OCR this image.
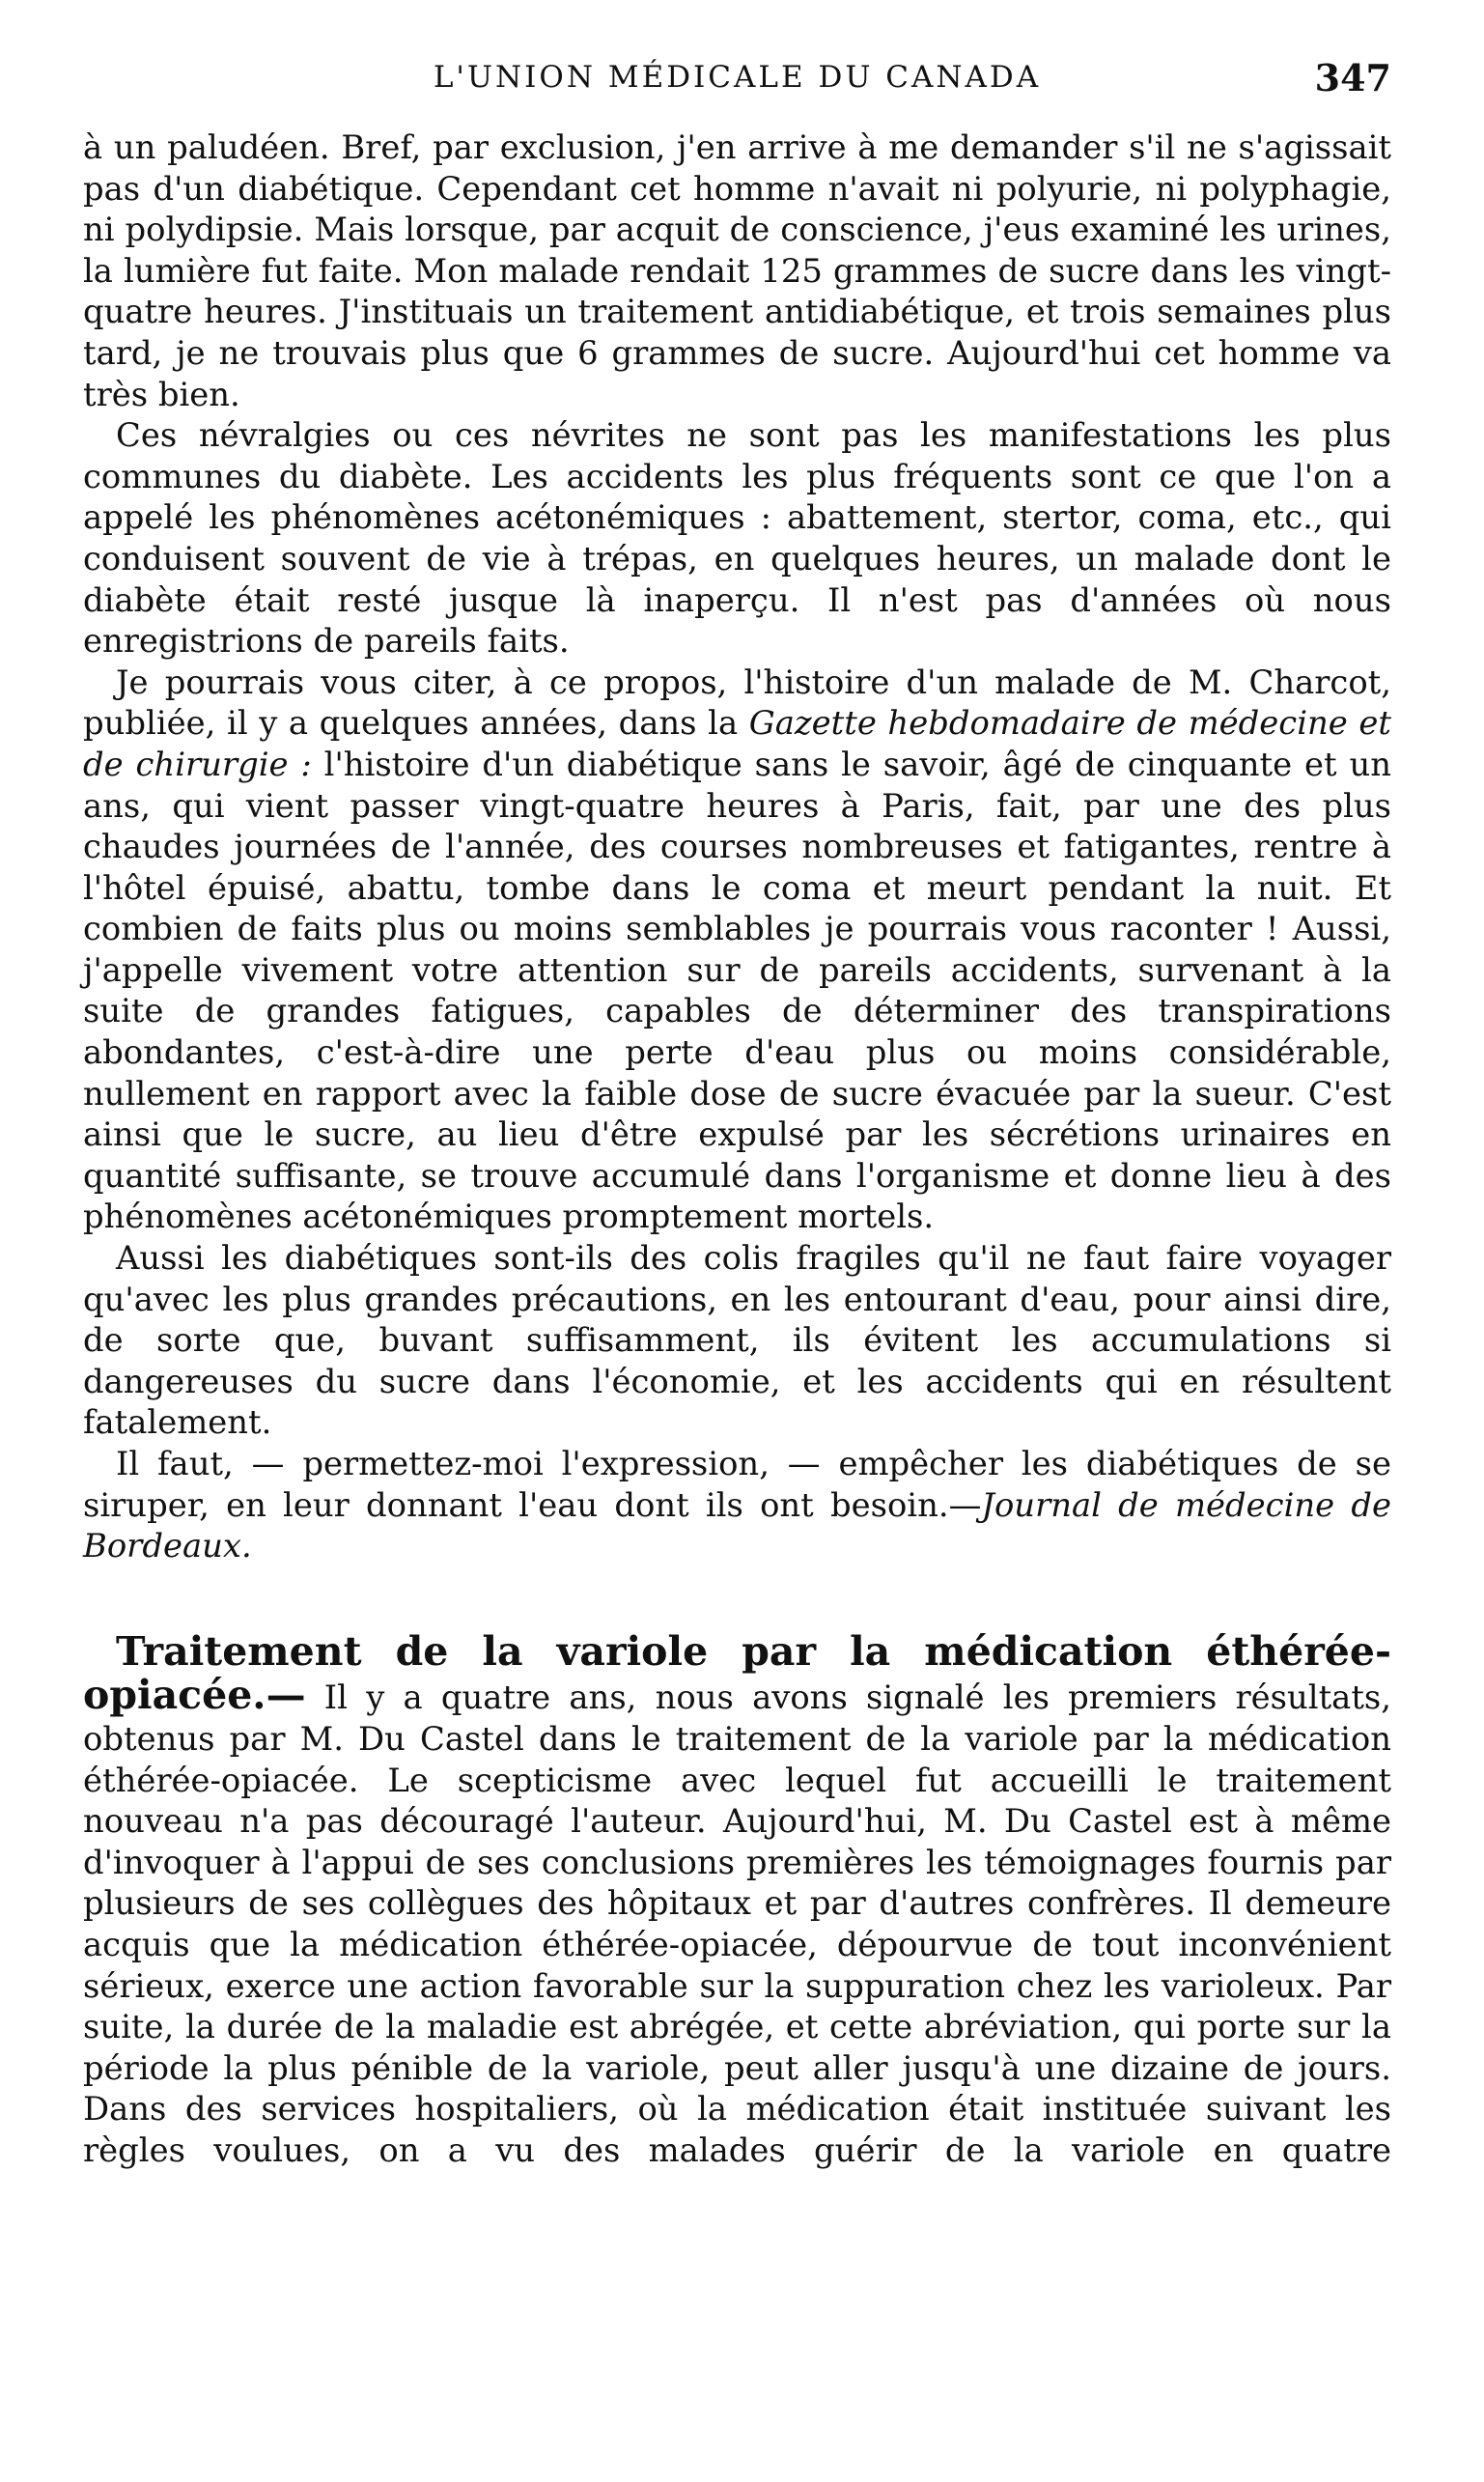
L'UNION MÉDICALE DU CANADA	347

à un paludéen. Bref, par exclusion, j'en arrive à me demander s'il ne s'agissait pas d'un diabétique. Cependant cet homme n'avait ni polyurie, ni polyphagie, ni polydipsie. Mais lorsque, par acquit de conscience, j'eus examiné les urines, la lumière fut faite. Mon malade rendait 125 grammes de sucre dans les vingt-quatre heures. J'instituais un traitement antidiabétique, et trois semaines plus tard, je ne trouvais plus que 6 grammes de sucre. Aujourd'hui cet homme va très bien.

Ces névralgies ou ces névrites ne sont pas les manifestations les plus communes du diabète. Les accidents les plus fréquents sont ce que l'on a appelé les phénomènes acétonémiques : abattement, stertor, coma, etc., qui conduisent souvent de vie à trépas, en quelques heures, un malade dont le diabète était resté jusque là inaperçu. Il n'est pas d'années où nous enregistrions de pareils faits.

Je pourrais vous citer, à ce propos, l'histoire d'un malade de M. Charcot, publiée, il y a quelques années, dans la Gazette hebdomadaire de médecine et de chirurgie : l'histoire d'un diabétique sans le savoir, âgé de cinquante et un ans, qui vient passer vingt-quatre heures à Paris, fait, par une des plus chaudes journées de l'année, des courses nombreuses et fatigantes, rentre à l'hôtel épuisé, abattu, tombe dans le coma et meurt pendant la nuit. Et combien de faits plus ou moins semblables je pourrais vous raconter ! Aussi, j'appelle vivement votre attention sur de pareils accidents, survenant à la suite de grandes fatigues, capables de déterminer des transpirations abondantes, c'est-à-dire une perte d'eau plus ou moins considérable, nullement en rapport avec la faible dose de sucre évacuée par la sueur. C'est ainsi que le sucre, au lieu d'être expulsé par les sécrétions urinaires en quantité suffisante, se trouve accumulé dans l'organisme et donne lieu à des phénomènes acétonémiques promptement mortels.

Aussi les diabétiques sont-ils des colis fragiles qu'il ne faut faire voyager qu'avec les plus grandes précautions, en les entourant d'eau, pour ainsi dire, de sorte que, buvant suffisamment, ils évitent les accumulations si dangereuses du sucre dans l'économie, et les accidents qui en résultent fatalement.

Il faut, — permettez-moi l'expression, — empêcher les diabétiques de se siruper, en leur donnant l'eau dont ils ont besoin.—Journal de médecine de Bordeaux.

Traitement de la variole par la médication éthérée-opiacée.— Il y a quatre ans, nous avons signalé les premiers résultats, obtenus par M. Du Castel dans le traitement de la variole par la médication éthérée-opiacée. Le scepticisme avec lequel fut accueilli le traitement nouveau n'a pas découragé l'auteur. Aujourd'hui, M. Du Castel est à même d'invoquer à l'appui de ses conclusions premières les témoignages fournis par plusieurs de ses collègues des hôpitaux et par d'autres confrères. Il demeure acquis que la médication éthérée-opiacée, dépourvue de tout inconvénient sérieux, exerce une action favorable sur la suppuration chez les varioleux. Par suite, la durée de la maladie est abrégée, et cette abréviation, qui porte sur la période la plus pénible de la variole, peut aller jusqu'à une dizaine de jours. Dans des services hospitaliers, où la médication était instituée suivant les règles voulues, on a vu des malades guérir de la variole en quatre
